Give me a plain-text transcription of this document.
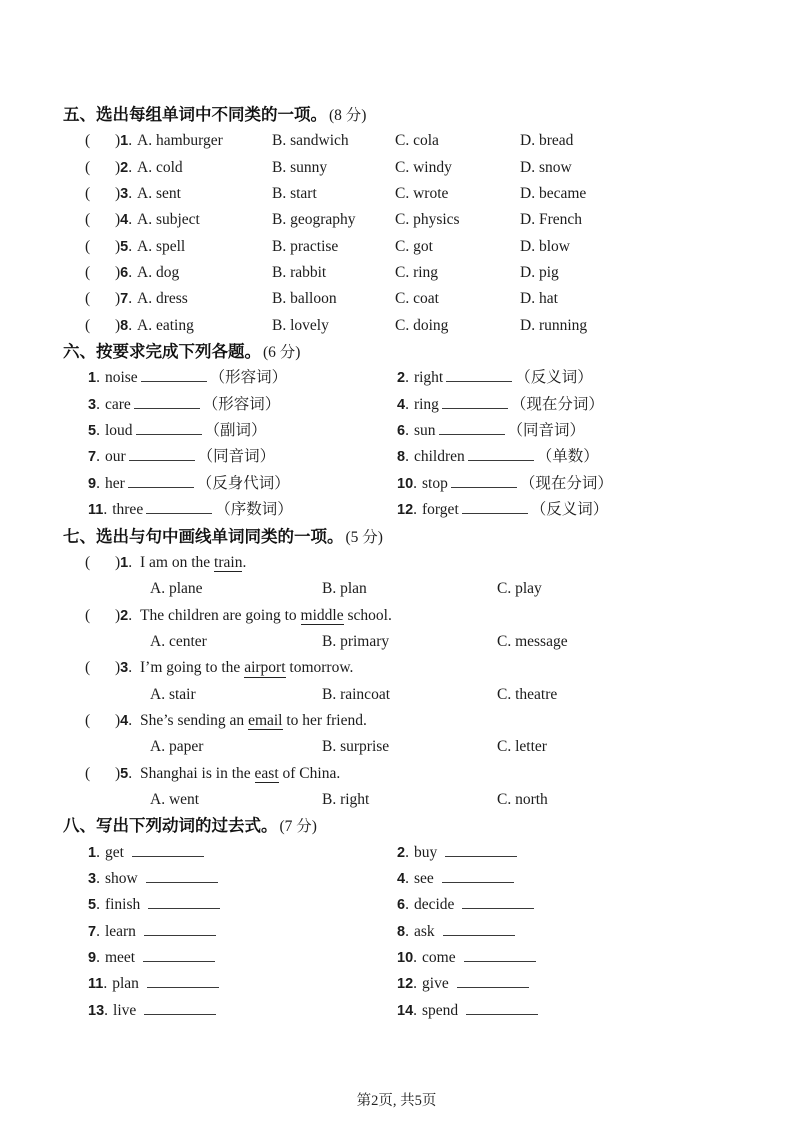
五、选出每组单词中不同类的一项。 (8 分)
(	)1. A. hamburger	B. sandwich	C. cola	D. bread
(	)2. A. cold	B. sunny	C. windy	D. snow
(	)3. A. sent	B. start	C. wrote	D. became
(	)4. A. subject	B. geography	C. physics	D. French
(	)5. A. spell	B. practise	C. got	D. blow
(	)6. A. dog	B. rabbit	C. ring	D. pig
(	)7. A. dress	B. balloon	C. coat	D. hat
(	)8. A. eating	B. lovely	C. doing	D. running
六、按要求完成下列各题。 (6 分)
1. noise	（形容词）	2. right	（反义词）
3. care	（形容词）	4. ring	（现在分词）
5. loud	（副词）	6. sun	（同音词）
7. our	（同音词）	8. children	（单数）
9. her	（反身代词）	10. stop	（现在分词）
11. three	（序数词）	12. forget	（反义词）
七、选出与句中画线单词同类的一项。 (5 分)
(	)1. I am on the train.
A. plane	B. plan	C. play
(	)2. The children are going to middle school.
A. center	B. primary	C. message
(	)3. I’m going to the airport tomorrow.
A. stair	B. raincoat	C. theatre
(	)4. She’s sending an email to her friend.
A. paper	B. surprise	C. letter
(	)5. Shanghai is in the east of China.
A. went	B. right	C. north
八、写出下列动词的过去式。 (7 分)
1. get	2. buy
3. show	4. see
5. finish	6. decide
7. learn	8. ask
9. meet	10. come
11. plan	12. give
13. live	14. spend
第2页, 共5页
